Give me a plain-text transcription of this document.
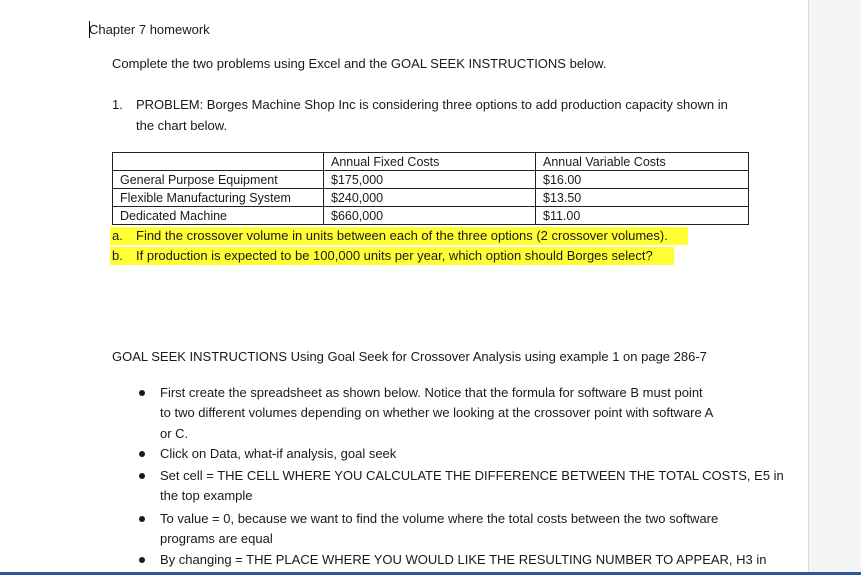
Chapter 7 homework
Complete the two problems using Excel and the GOAL SEEK INSTRUCTIONS below.
1. PROBLEM: Borges Machine Shop Inc is considering three options to add production capacity shown in
the chart below.
	Annual Fixed Costs	Annual Variable Costs
General Purpose Equipment	$175,000	$16.00
Flexible Manufacturing System	$240,000	$13.50
Dedicated Machine	$660,000	$11.00
a. Find the crossover volume in units between each of the three options (2 crossover volumes).
b. If production is expected to be 100,000 units per year, which option should Borges select?
GOAL SEEK INSTRUCTIONS Using Goal Seek for Crossover Analysis using example 1 on page 286-7
First create the spreadsheet as shown below. Notice that the formula for software B must point
to two different volumes depending on whether we looking at the crossover point with software A
or C.
Click on Data, what-if analysis, goal seek
Set cell = THE CELL WHERE YOU CALCULATE THE DIFFERENCE BETWEEN THE TOTAL COSTS, E5 in
the top example
To value = 0, because we want to find the volume where the total costs between the two software
programs are equal
By changing = THE PLACE WHERE YOU WOULD LIKE THE RESULTING NUMBER TO APPEAR, H3 in
